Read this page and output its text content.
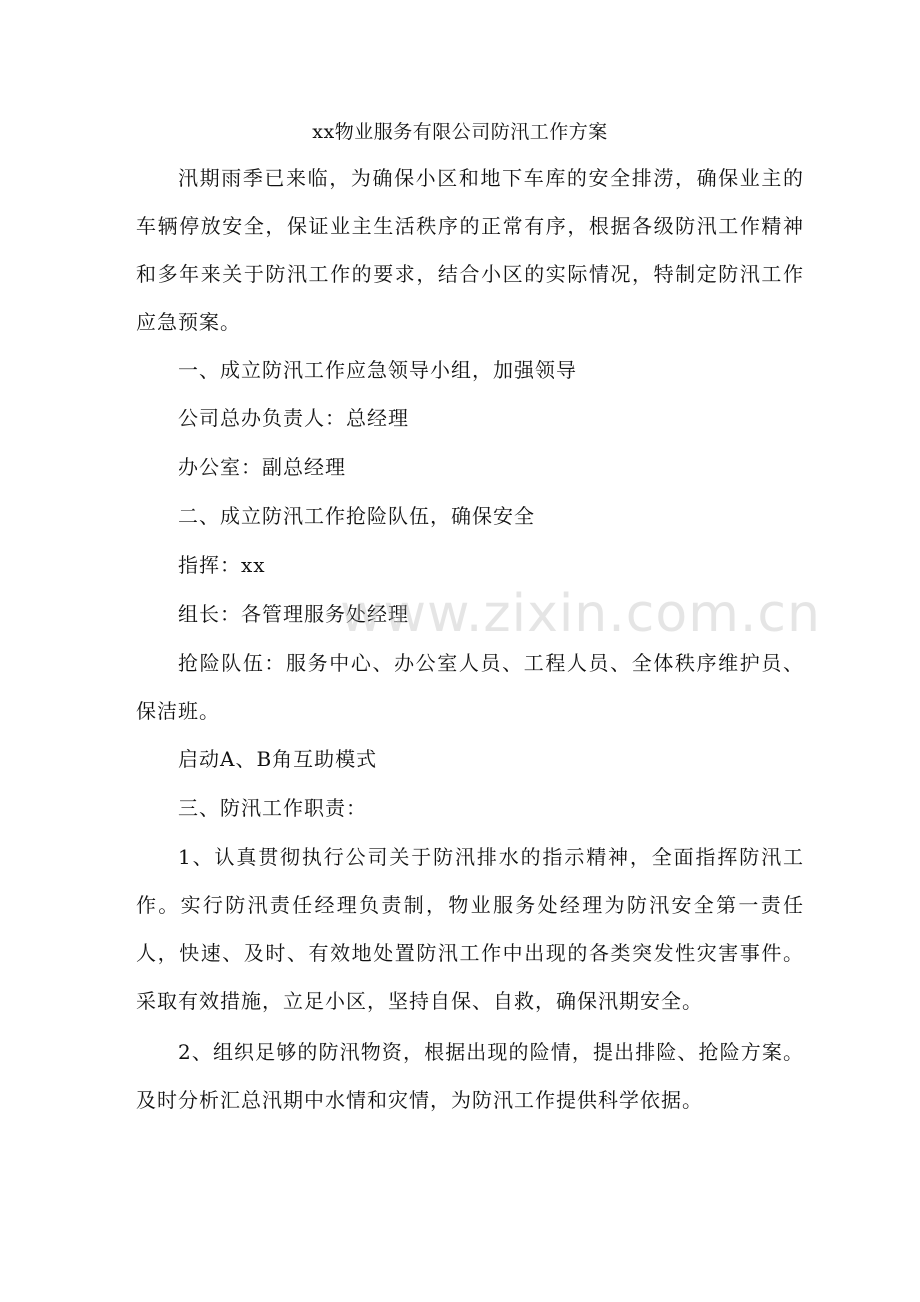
xx物业服务有限公司防汛工作方案

汛期雨季已来临，为确保小区和地下车库的安全排涝，确保业主的车辆停放安全，保证业主生活秩序的正常有序，根据各级防汛工作精神和多年来关于防汛工作的要求，结合小区的实际情况，特制定防汛工作应急预案。

一、成立防汛工作应急领导小组，加强领导

公司总办负责人：总经理

办公室：副总经理

二、成立防汛工作抢险队伍，确保安全

指挥：xx

组长：各管理服务处经理

抢险队伍：服务中心、办公室人员、工程人员、全体秩序维护员、保洁班。

启动A、B角互助模式

三、防汛工作职责：

1、认真贯彻执行公司关于防汛排水的指示精神，全面指挥防汛工作。实行防汛责任经理负责制，物业服务处经理为防汛安全第一责任人，快速、及时、有效地处置防汛工作中出现的各类突发性灾害事件。采取有效措施，立足小区，坚持自保、自救，确保汛期安全。

2、组织足够的防汛物资，根据出现的险情，提出排险、抢险方案。及时分析汇总汛期中水情和灾情，为防汛工作提供科学依据。

www.zixin.com.cn
